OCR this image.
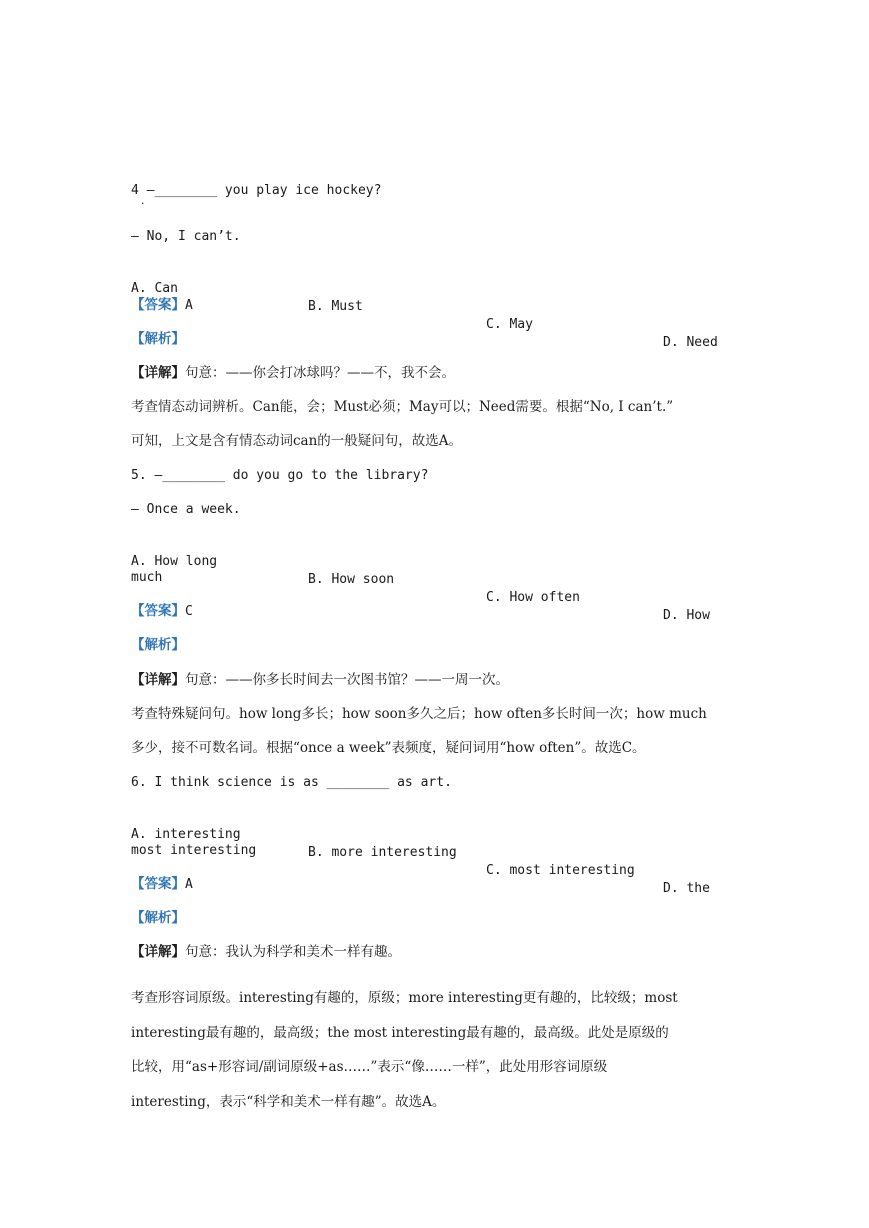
4 —________ you play ice hockey?
·
— No, I can’t.

A. Can

B. Must

C. May

D. Need

【答案】A
【解析】
【详解】句意：——你会打冰球吗？——不，我不会。
考查情态动词辨析。Can能，会；Must必须；May可以；Need需要。根据“No, I can’t.”
可知，上文是含有情态动词can的一般疑问句，故选A。
5. —________ do you go to the library?
— Once a week.

A. How long

B. How soon

C. How often

D. How

much
【答案】C
【解析】
【详解】句意：——你多长时间去一次图书馆？——一周一次。
考查特殊疑问句。how long多长；how soon多久之后；how often多长时间一次；how much
多少，接不可数名词。根据“once a week”表频度，疑问词用“how often”。故选C。
6. I think science is as ________ as art.

A. interesting

B. more interesting

C. most interesting

D. the

most interesting
【答案】A
【解析】
【详解】句意：我认为科学和美术一样有趣。
考查形容词原级。interesting有趣的，原级；more interesting更有趣的，比较级；most
interesting最有趣的，最高级；the most interesting最有趣的，最高级。此处是原级的
比较，用“as+形容词/副词原级+as……”表示“像……一样”，此处用形容词原级
interesting，表示“科学和美术一样有趣”。故选A。
